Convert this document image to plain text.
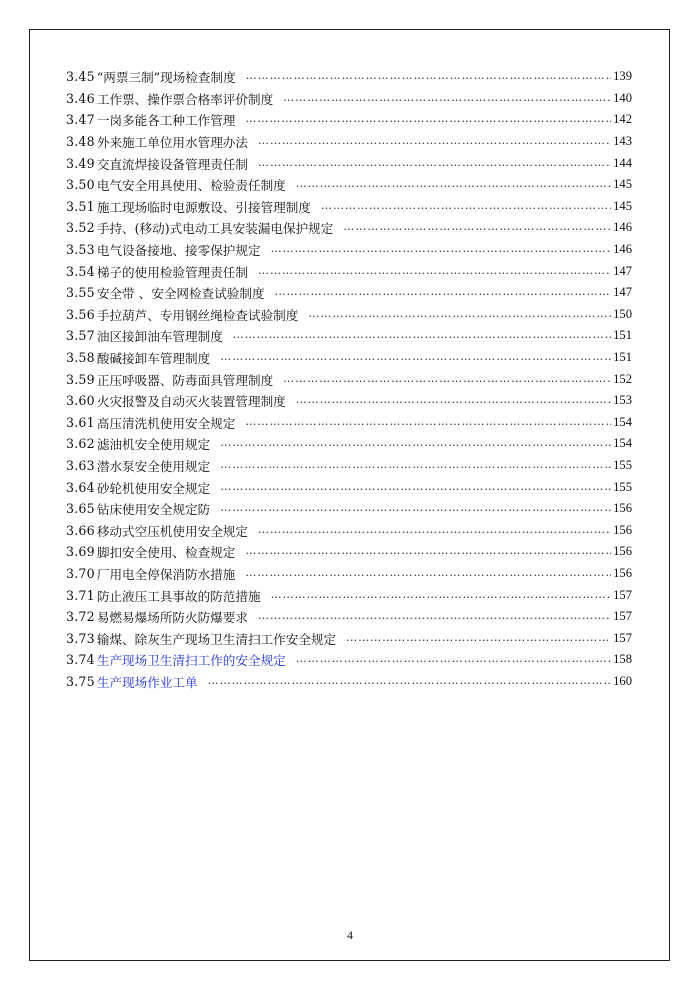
3.45 “两票三制”现场检查制度 ……………………………………………………………………………………………………………………………………	139
3.46 工作票、操作票合格率评价制度 ……………………………………………………………………………………………………………………………………	140
3.47 一岗多能各工种工作管理 ……………………………………………………………………………………………………………………………………	142
3.48 外来施工单位用水管理办法 ……………………………………………………………………………………………………………………………………	143
3.49 交直流焊接设备管理责任制 ……………………………………………………………………………………………………………………………………	144
3.50 电气安全用具使用、检验责任制度 ……………………………………………………………………………………………………………………………………	145
3.51 施工现场临时电源敷设、引接管理制度 ……………………………………………………………………………………………………………………………………	145
3.52 手持、(移动)式电动工具安装漏电保护规定 ……………………………………………………………………………………………………………………………………	146
3.53 电气设备接地、接零保护规定 ……………………………………………………………………………………………………………………………………	146
3.54 梯子的使用检验管理责任制 ……………………………………………………………………………………………………………………………………	147
3.55 安全带 、安全网检查试验制度 ……………………………………………………………………………………………………………………………………	147
3.56 手拉葫芦、专用钢丝绳检查试验制度 ……………………………………………………………………………………………………………………………………	150
3.57 油区接卸油车管理制度 ……………………………………………………………………………………………………………………………………	151
3.58 酸碱接卸车管理制度 ……………………………………………………………………………………………………………………………………	151
3.59 正压呼吸器、防毒面具管理制度 ……………………………………………………………………………………………………………………………………	152
3.60 火灾报警及自动灭火装置管理制度 ……………………………………………………………………………………………………………………………………	153
3.61 高压清洗机使用安全规定 ……………………………………………………………………………………………………………………………………	154
3.62 滤油机安全使用规定 ……………………………………………………………………………………………………………………………………	154
3.63 潜水泵安全使用规定 ……………………………………………………………………………………………………………………………………	155
3.64 砂轮机使用安全规定 ……………………………………………………………………………………………………………………………………	155
3.65 钻床使用安全规定防 ……………………………………………………………………………………………………………………………………	156
3.66 移动式空压机使用安全规定 ……………………………………………………………………………………………………………………………………	156
3.69 脚扣安全使用、检查规定 ……………………………………………………………………………………………………………………………………	156
3.70 厂用电全停保消防水措施 ……………………………………………………………………………………………………………………………………	156
3.71 防止液压工具事故的防范措施 ……………………………………………………………………………………………………………………………………	157
3.72 易燃易爆场所防火防爆要求 ……………………………………………………………………………………………………………………………………	157
3.73 输煤、除灰生产现场卫生清扫工作安全规定 ……………………………………………………………………………………………………………………………………	157
3.74 生产现场卫生清扫工作的安全规定 ……………………………………………………………………………………………………………………………………	158
3.75 生产现场作业工单 ……………………………………………………………………………………………………………………………………	160
4
